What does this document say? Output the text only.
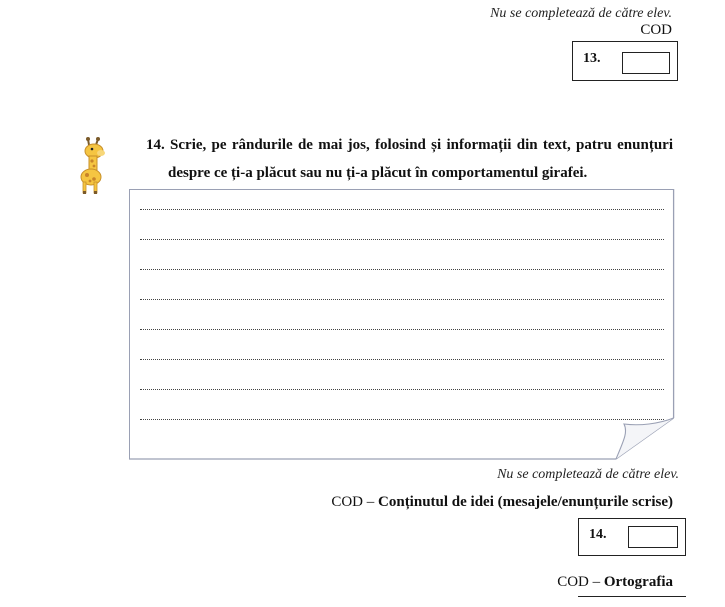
Nu se completează de către elev.
COD
13.
14. Scrie, pe rândurile de mai jos, folosind și informații din text, patru enunțuri
despre ce ți-a plăcut sau nu ți-a plăcut în comportamentul girafei.
Nu se completează de către elev.
COD – Conținutul de idei (mesajele/enunțurile scrise)
14.
COD – Ortografia
